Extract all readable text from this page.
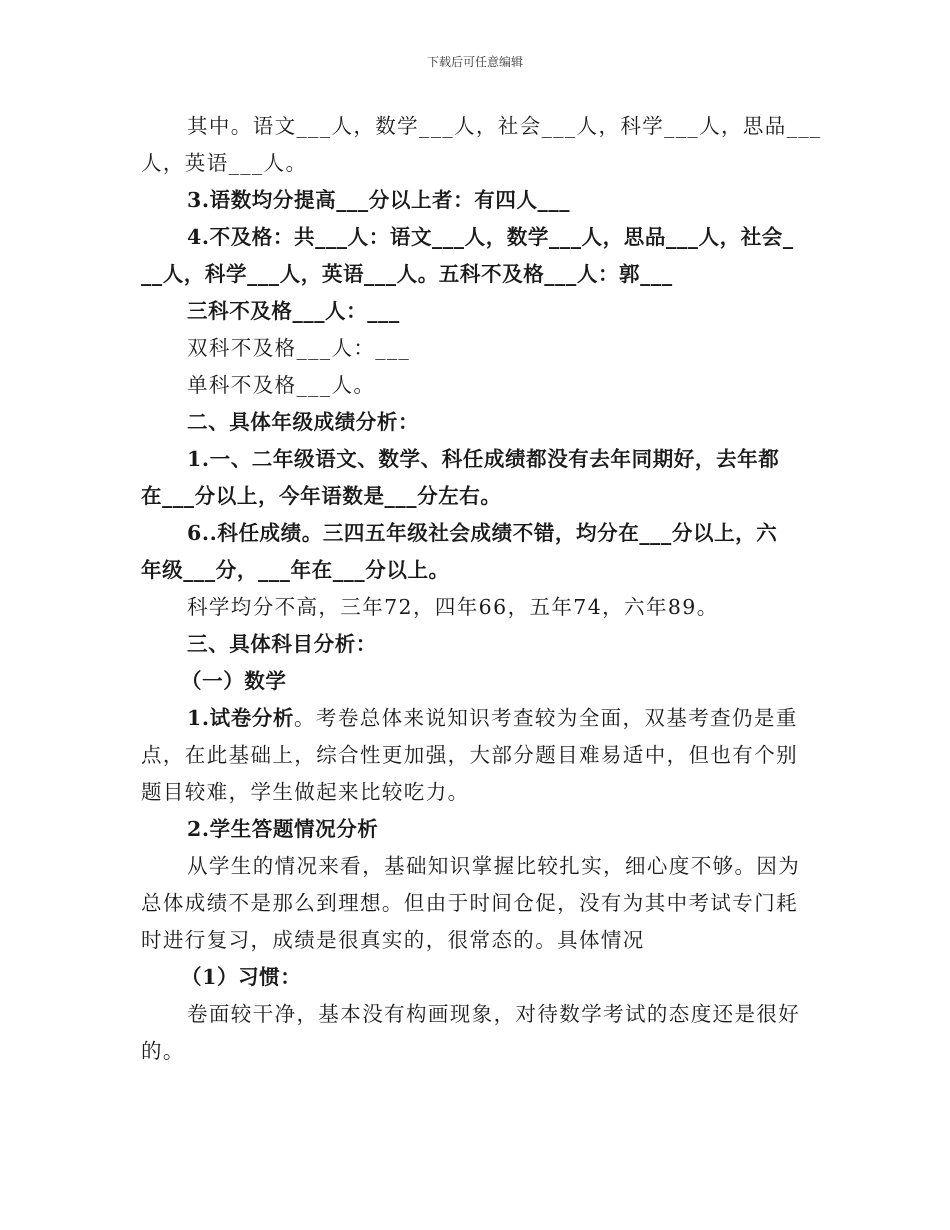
下载后可任意编辑

其中。语文___人，数学___人，社会___人，科学___人，思品___
人，英语___人。

3.语数均分提高___分以上者：有四人___

4.不及格：共___人：语文___人，数学___人，思品___人，社会_
__人，科学___人，英语___人。五科不及格___人：郭___

三科不及格___人：___

双科不及格___人：___

单科不及格___人。

二、具体年级成绩分析：

1.一、二年级语文、数学、科任成绩都没有去年同期好，去年都
在___分以上，今年语数是___分左右。

6..科任成绩。三四五年级社会成绩不错，均分在___分以上，六
年级___分，___年在___分以上。

科学均分不高，三年72，四年66，五年74，六年89。

三、具体科目分析：

（一）数学

1.试卷分析。考卷总体来说知识考查较为全面，双基考查仍是重
点，在此基础上，综合性更加强，大部分题目难易适中，但也有个别
题目较难，学生做起来比较吃力。

2.学生答题情况分析

从学生的情况来看，基础知识掌握比较扎实，细心度不够。因为
总体成绩不是那么到理想。但由于时间仓促，没有为其中考试专门耗
时进行复习，成绩是很真实的，很常态的。具体情况

（1）习惯：

卷面较干净，基本没有构画现象，对待数学考试的态度还是很好
的。
